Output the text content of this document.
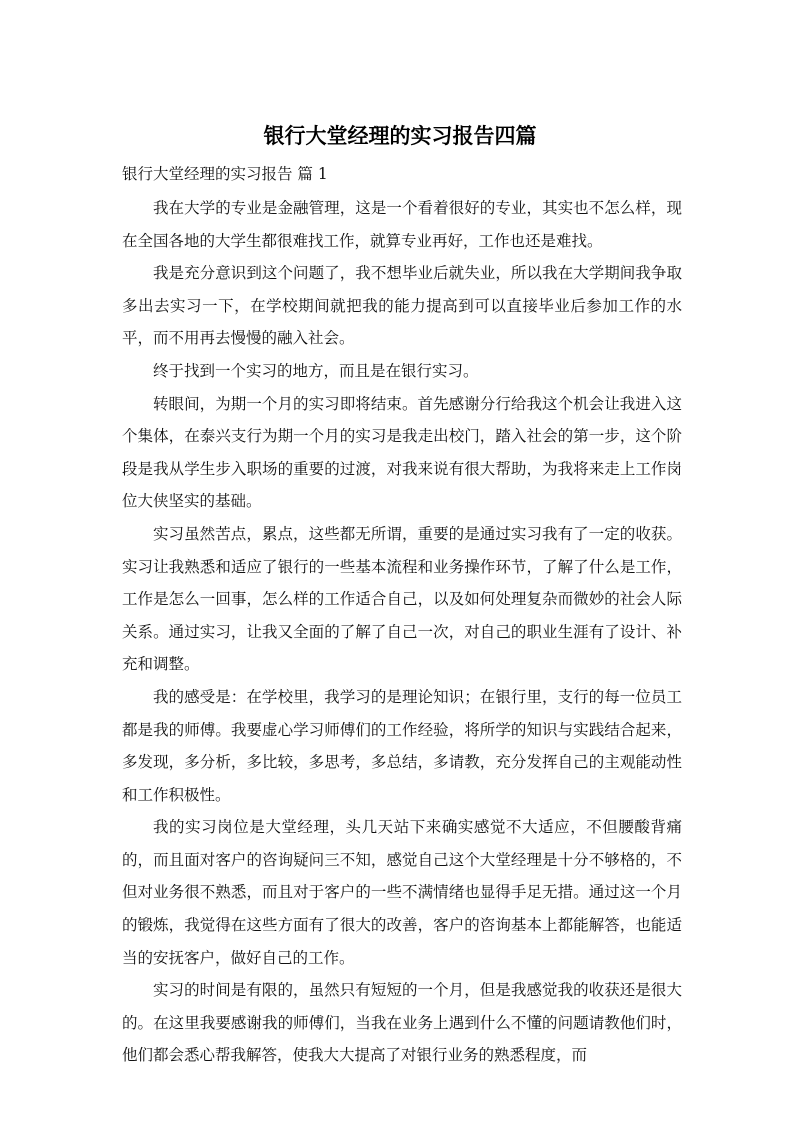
银行大堂经理的实习报告四篇
银行大堂经理的实习报告 篇 1

我在大学的专业是金融管理，这是一个看着很好的专业，其实也不怎么样，现在全国各地的大学生都很难找工作，就算专业再好，工作也还是难找。

我是充分意识到这个问题了，我不想毕业后就失业，所以我在大学期间我争取多出去实习一下，在学校期间就把我的能力提高到可以直接毕业后参加工作的水平，而不用再去慢慢的融入社会。

终于找到一个实习的地方，而且是在银行实习。

转眼间，为期一个月的实习即将结束。首先感谢分行给我这个机会让我进入这个集体，在泰兴支行为期一个月的实习是我走出校门，踏入社会的第一步，这个阶段是我从学生步入职场的重要的过渡，对我来说有很大帮助，为我将来走上工作岗位大侠坚实的基础。

实习虽然苦点，累点，这些都无所谓，重要的是通过实习我有了一定的收获。实习让我熟悉和适应了银行的一些基本流程和业务操作环节，了解了什么是工作，工作是怎么一回事，怎么样的工作适合自己，以及如何处理复杂而微妙的社会人际关系。通过实习，让我又全面的了解了自己一次，对自己的职业生涯有了设计、补充和调整。

我的感受是：在学校里，我学习的是理论知识；在银行里，支行的每一位员工都是我的师傅。我要虚心学习师傅们的工作经验，将所学的知识与实践结合起来，多发现，多分析，多比较，多思考，多总结，多请教，充分发挥自己的主观能动性和工作积极性。

我的实习岗位是大堂经理，头几天站下来确实感觉不大适应，不但腰酸背痛的，而且面对客户的咨询疑问三不知，感觉自己这个大堂经理是十分不够格的，不但对业务很不熟悉，而且对于客户的一些不满情绪也显得手足无措。通过这一个月的锻炼，我觉得在这些方面有了很大的改善，客户的咨询基本上都能解答，也能适当的安抚客户，做好自己的工作。

实习的时间是有限的，虽然只有短短的一个月，但是我感觉我的收获还是很大的。在这里我要感谢我的师傅们，当我在业务上遇到什么不懂的问题请教他们时，他们都会悉心帮我解答，使我大大提高了对银行业务的熟悉程度，而
